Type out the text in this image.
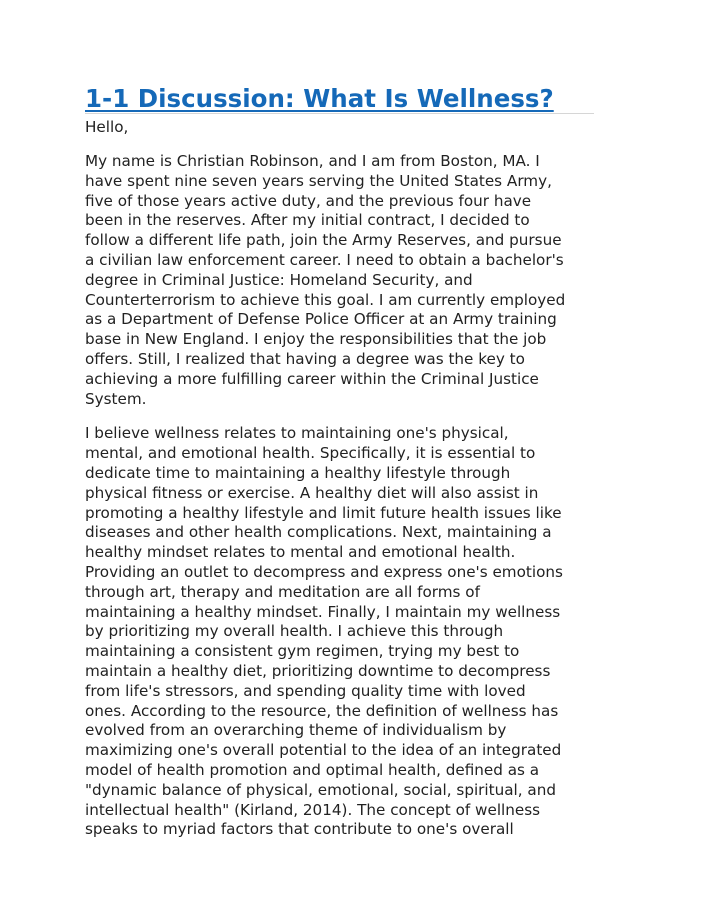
1-1 Discussion: What Is Wellness?

Hello,

My name is Christian Robinson, and I am from Boston, MA. I
have spent nine seven years serving the United States Army,
five of those years active duty, and the previous four have
been in the reserves. After my initial contract, I decided to
follow a different life path, join the Army Reserves, and pursue
a civilian law enforcement career. I need to obtain a bachelor's
degree in Criminal Justice: Homeland Security, and
Counterterrorism to achieve this goal. I am currently employed
as a Department of Defense Police Officer at an Army training
base in New England. I enjoy the responsibilities that the job
offers. Still, I realized that having a degree was the key to
achieving a more fulfilling career within the Criminal Justice
System.

I believe wellness relates to maintaining one's physical,
mental, and emotional health. Specifically, it is essential to
dedicate time to maintaining a healthy lifestyle through
physical fitness or exercise. A healthy diet will also assist in
promoting a healthy lifestyle and limit future health issues like
diseases and other health complications. Next, maintaining a
healthy mindset relates to mental and emotional health.
Providing an outlet to decompress and express one's emotions
through art, therapy and meditation are all forms of
maintaining a healthy mindset. Finally, I maintain my wellness
by prioritizing my overall health. I achieve this through
maintaining a consistent gym regimen, trying my best to
maintain a healthy diet, prioritizing downtime to decompress
from life's stressors, and spending quality time with loved
ones. According to the resource, the definition of wellness has
evolved from an overarching theme of individualism by
maximizing one's overall potential to the idea of an integrated
model of health promotion and optimal health, defined as a
"dynamic balance of physical, emotional, social, spiritual, and
intellectual health" (Kirland, 2014). The concept of wellness
speaks to myriad factors that contribute to one's overall
